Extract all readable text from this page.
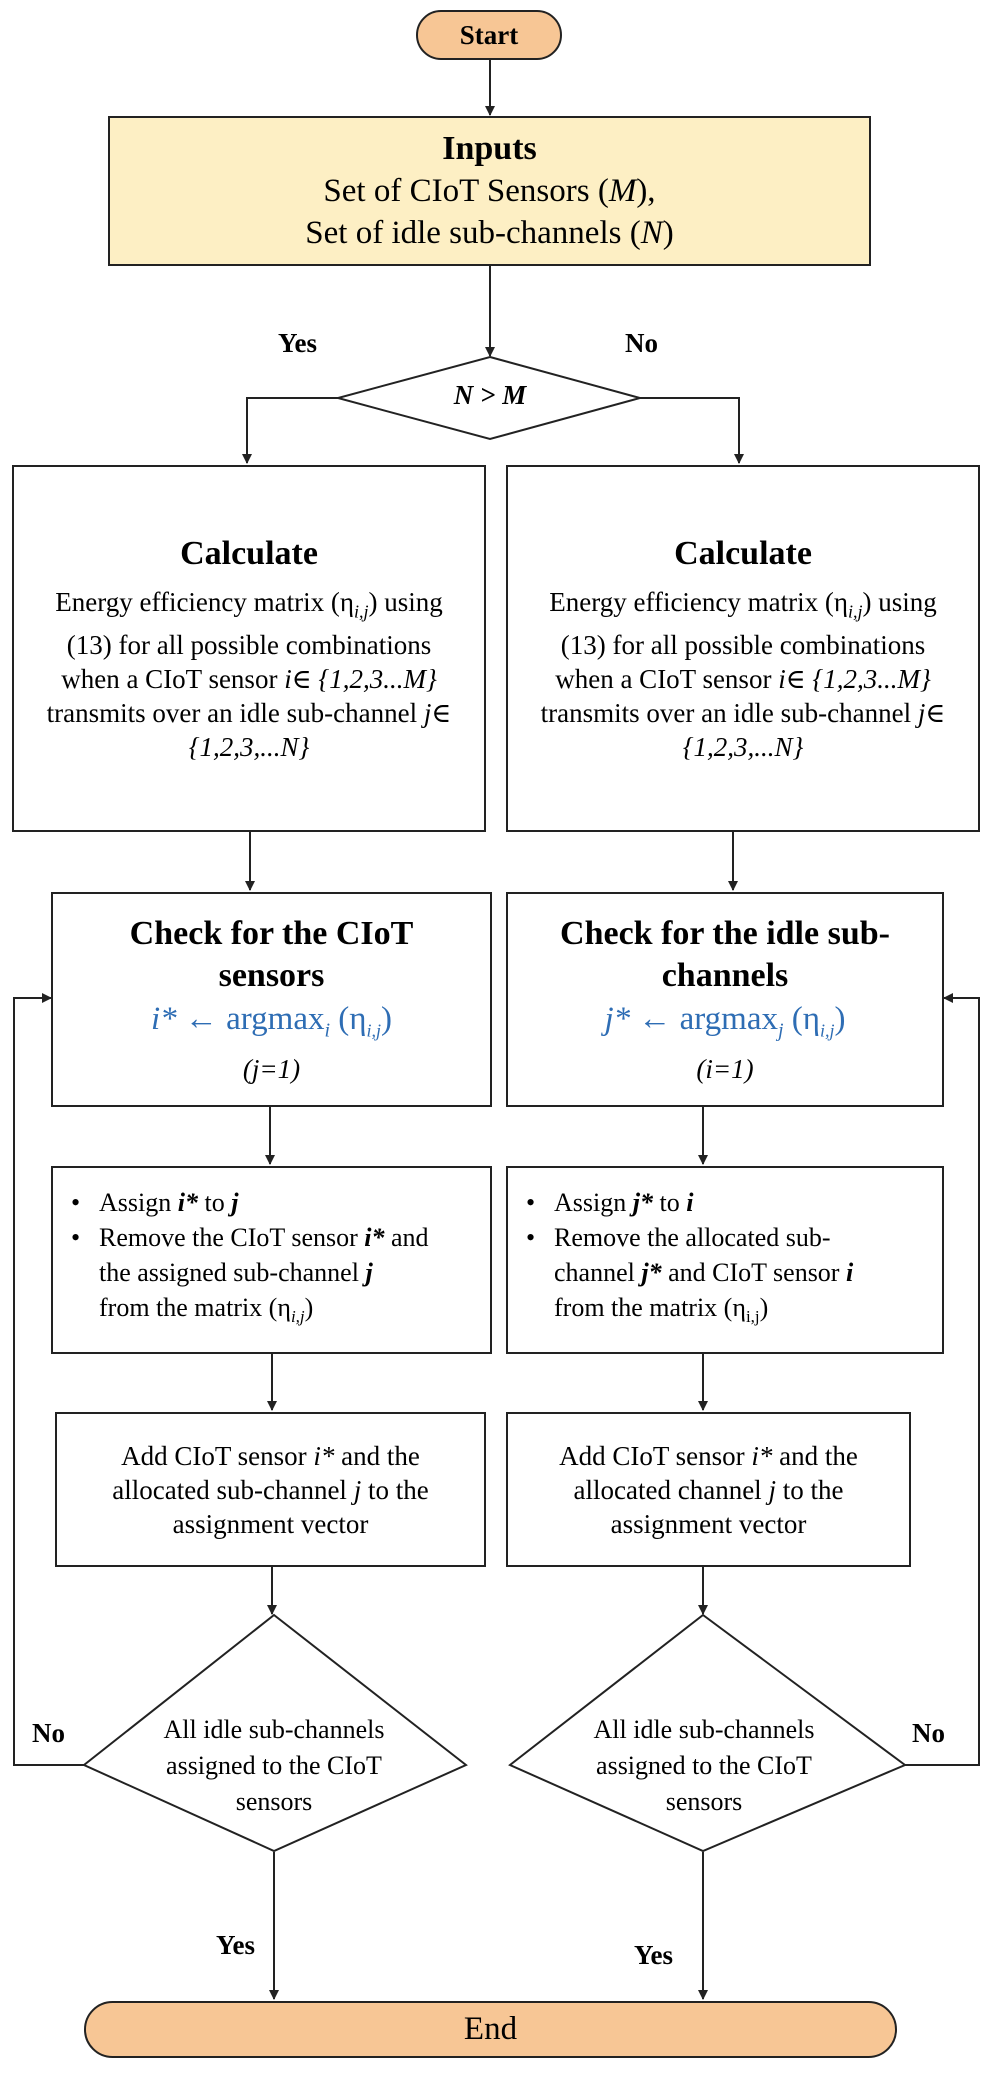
Start
Inputs
Set of CIoT Sensors (M),
Set of idle sub-channels (N)
N > M
Yes	No
Calculate
Energy efficiency matrix $(\eta_{i,j})$ using
(13) for all possible combinations
when a CIoT sensor i∈ {1,2,3...M}
transmits over an idle sub-channel j∈
{1,2,3,...N}
Calculate
Energy efficiency matrix $(\eta_{i,j})$ using
(13) for all possible combinations
when a CIoT sensor i∈ {1,2,3...M}
transmits over an idle sub-channel j∈
{1,2,3,...N}
Check for the CIoT
sensors
i* ← argmax$_i$ $(\eta_{i,j})$
(j=1)
Check for the idle sub-
channels
j* ← argmax$_j$ $(\eta_{i,j})$
(i=1)
• Assign i* to j
• Remove the CIoT sensor i* and
the assigned sub-channel j
from the matrix $(\eta_{i,j})$
• Assign j* to i
• Remove the allocated sub-
channel j* and CIoT sensor i
from the matrix $(\eta_{i,j})$
Add CIoT sensor i* and the
allocated sub-channel j to the
assignment vector
Add CIoT sensor i* and the
allocated channel j to the
assignment vector
All idle sub-channels
assigned to the CIoT
sensors
All idle sub-channels
assigned to the CIoT
sensors
No	No
Yes	Yes
End
